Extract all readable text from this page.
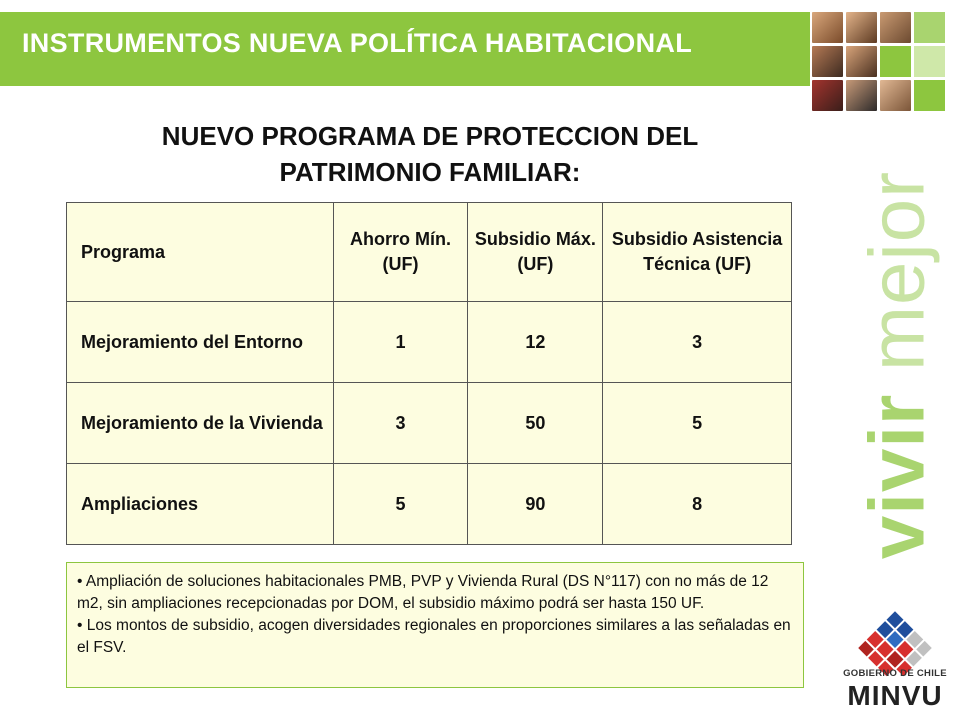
INSTRUMENTOS NUEVA POLÍTICA HABITACIONAL
NUEVO PROGRAMA DE PROTECCION DEL
PATRIMONIO FAMILIAR:
Programa	Ahorro Mín. (UF)	Subsidio Máx. (UF)	Subsidio Asistencia Técnica (UF)
Mejoramiento del Entorno	1	12	3
Mejoramiento de la Vivienda	3	50	5
Ampliaciones	5	90	8

• Ampliación de soluciones habitacionales PMB, PVP y Vivienda Rural (DS N°117) con no más de 12 m2, sin ampliaciones recepcionadas por DOM, el subsidio máximo podrá ser hasta 150 UF.

• Los montos de subsidio, acogen diversidades regionales en proporciones similares a las señaladas en el FSV.

vivir mejor
GOBIERNO DE CHILE
MINVU
